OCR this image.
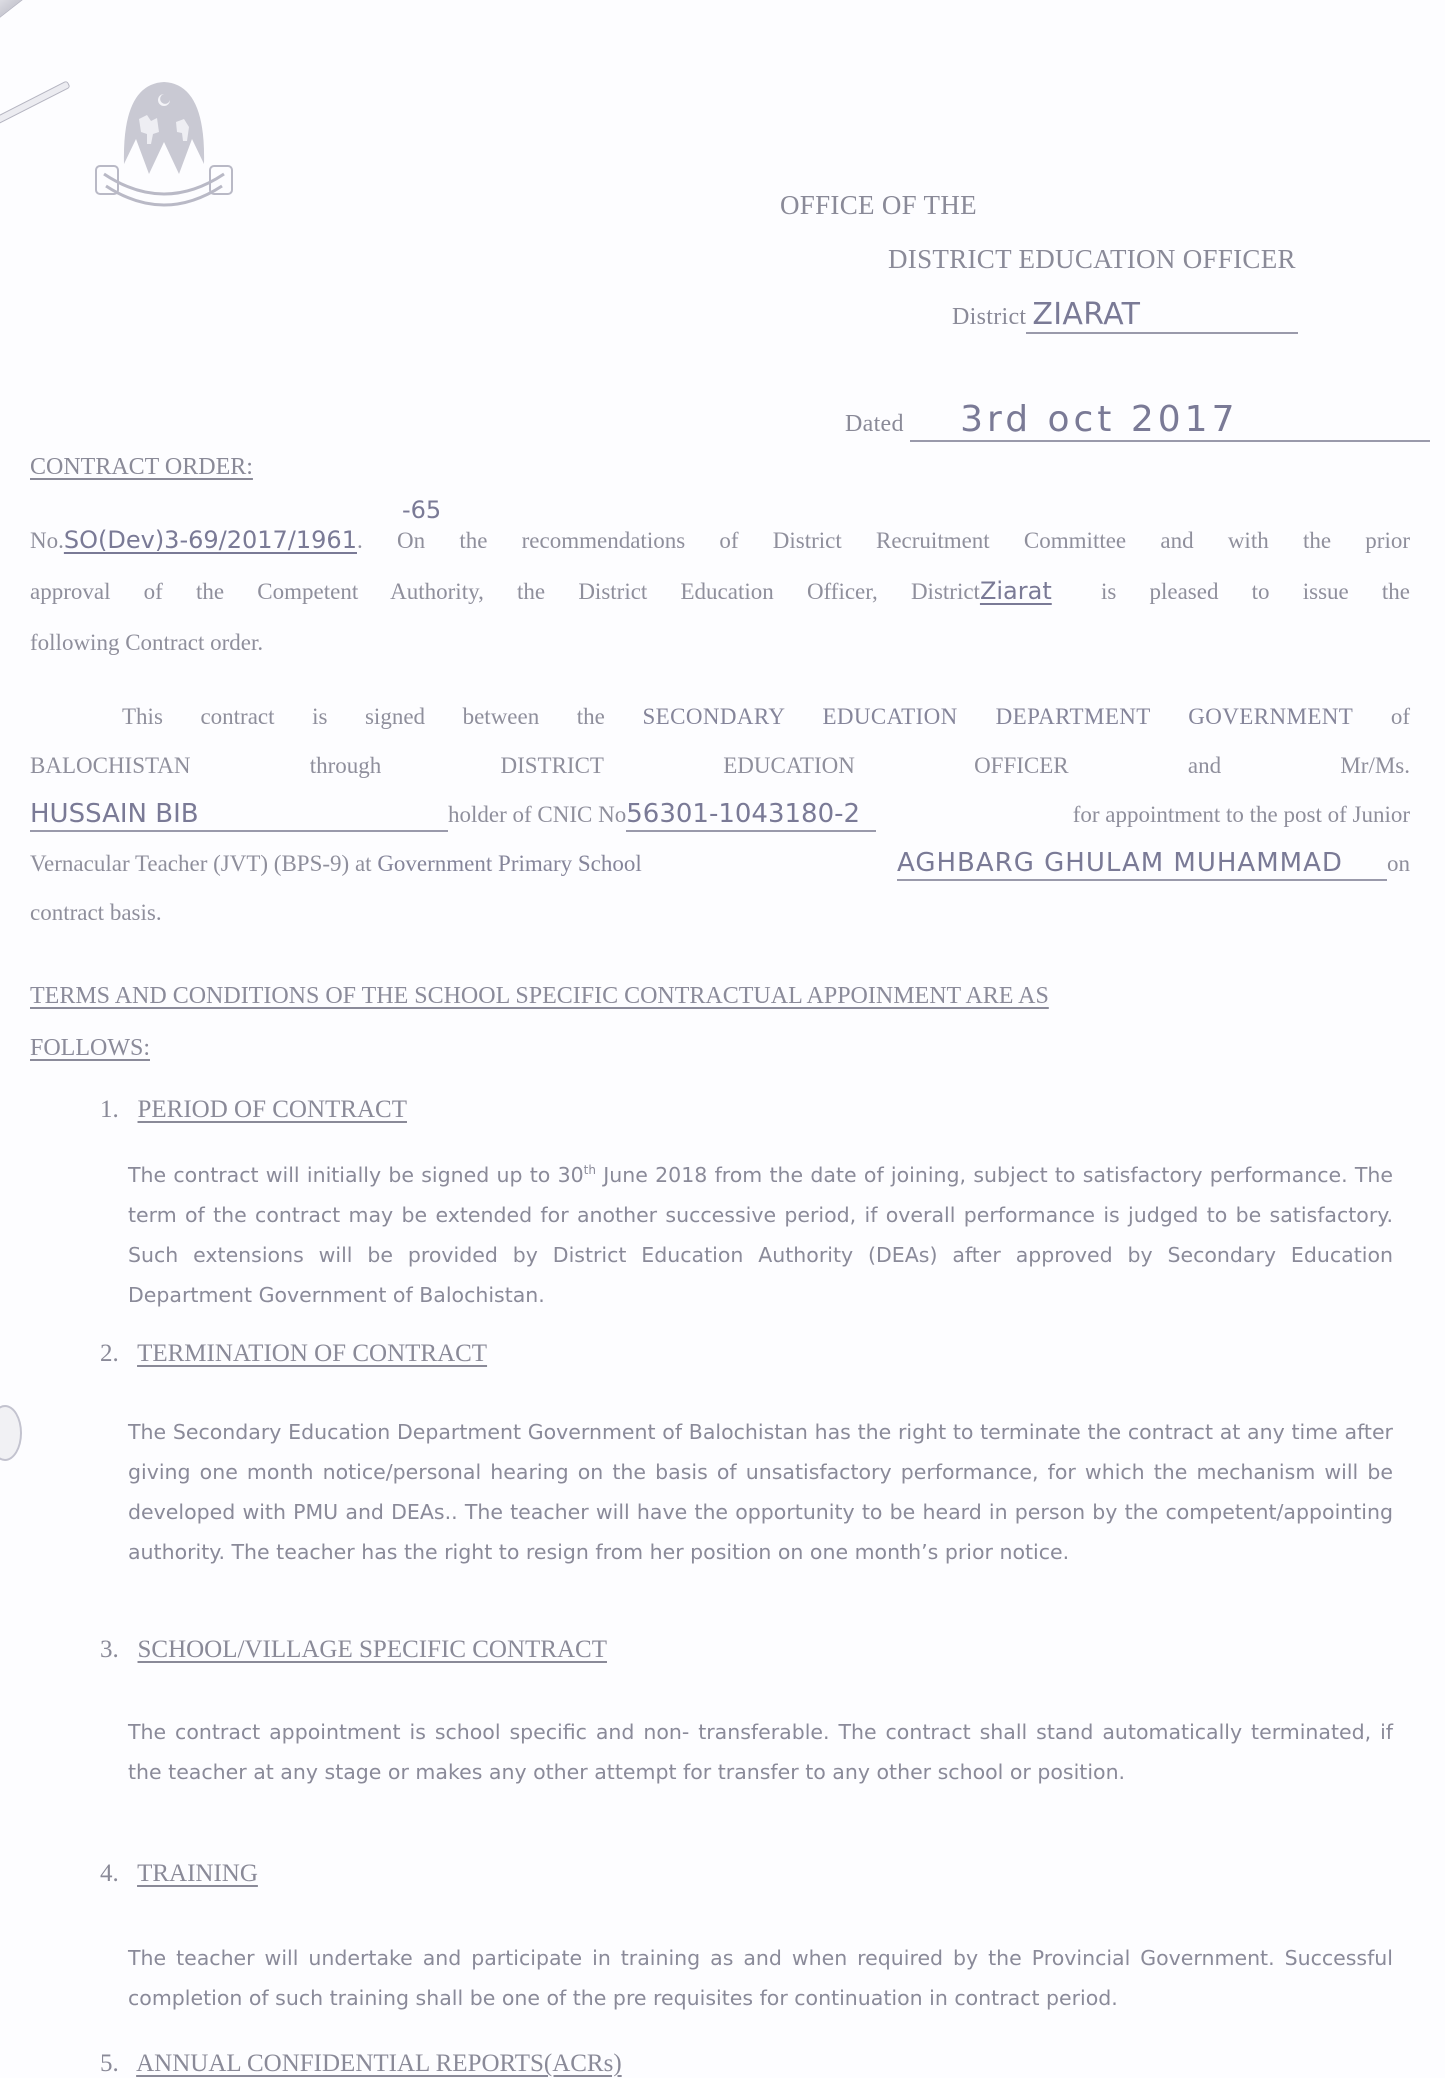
OFFICE OF THE
DISTRICT EDUCATION OFFICER
District ZIARAT
Dated 3rd oct 2017
CONTRACT ORDER:
No.SO(Dev)3-69/2017/1961
-65
. On the recommendations of District Recruitment Committee and with the prior
approval of the Competent Authority, the District Education Officer, DistrictZiarat is pleased to issue the
following Contract order.
This contract is signed between the SECONDARY EDUCATION DEPARTMENT GOVERNMENT of
BALOCHISTAN	through	DISTRICT	EDUCATION	OFFICER	and	Mr/Ms.
HUSSAIN BIB	holder of CNIC No56301-1043180-2	for appointment to the post of Junior
Vernacular Teacher (JVT) (BPS-9) at Government Primary School	AGHBARG GHULAM MUHAMMAD on
contract basis.
TERMS AND CONDITIONS OF THE SCHOOL SPECIFIC CONTRACTUAL APPOINMENT ARE AS
FOLLOWS:
1. PERIOD OF CONTRACT
The contract will initially be signed up to 30th June 2018 from the date of joining, subject to satisfactory performance. The term of the contract may be extended for another successive period, if overall performance is judged to be satisfactory. Such extensions will be provided by District Education Authority (DEAs) after approved by Secondary Education Department Government of Balochistan.
2. TERMINATION OF CONTRACT
The Secondary Education Department Government of Balochistan has the right to terminate the contract at any time after giving one month notice/personal hearing on the basis of unsatisfactory performance, for which the mechanism will be developed with PMU and DEAs.. The teacher will have the opportunity to be heard in person by the competent/appointing authority. The teacher has the right to resign from her position on one month’s prior notice.
3. SCHOOL/VILLAGE SPECIFIC CONTRACT
The contract appointment is school specific and non- transferable. The contract shall stand automatically terminated, if the teacher at any stage or makes any other attempt for transfer to any other school or position.
4. TRAINING
The teacher will undertake and participate in training as and when required by the Provincial Government. Successful completion of such training shall be one of the pre requisites for continuation in contract period.
5. ANNUAL CONFIDENTIAL REPORTS(ACRs)
